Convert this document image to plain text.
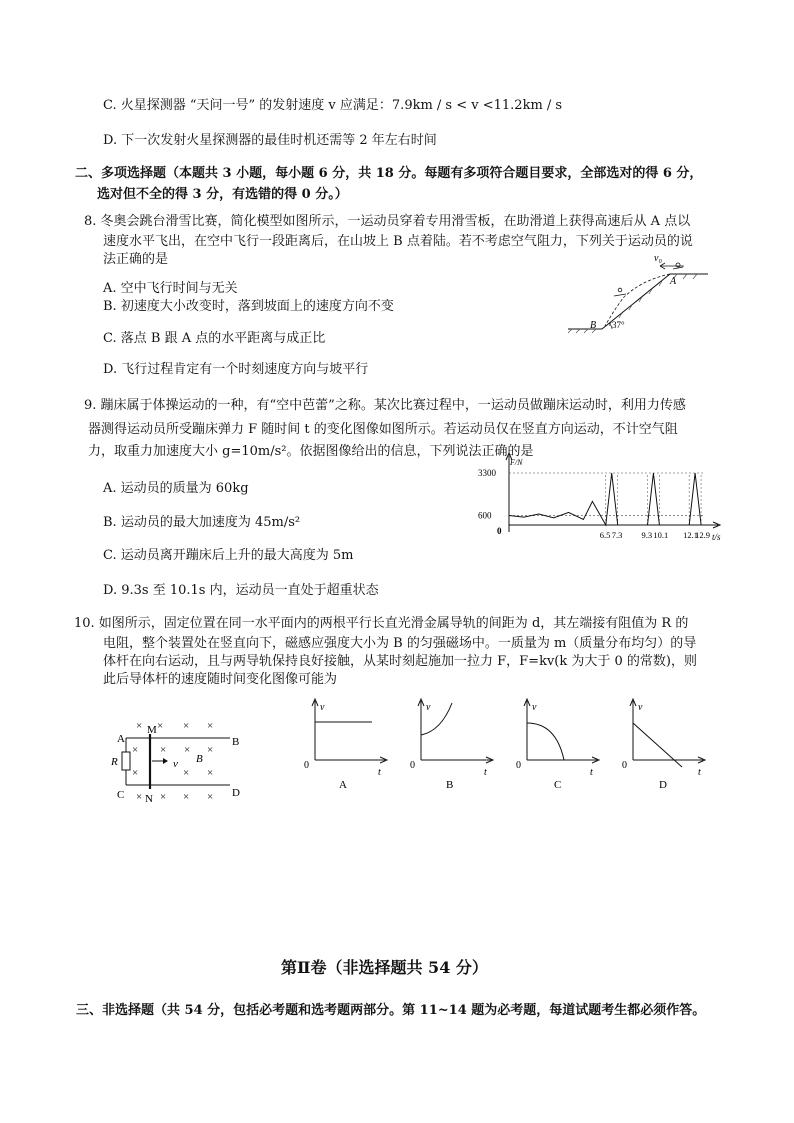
C. 火星探测器 “天问一号” 的发射速度 v 应满足：7.9km / s < v <11.2km / s
D. 下一次发射火星探测器的最佳时机还需等 2 年左右时间
二、多项选择题（本题共 3 小题，每小题 6 分，共 18 分。每题有多项符合题目要求，全部选对的得 6 分，
选对但不全的得 3 分，有选错的得 0 分。）
8. 冬奥会跳台滑雪比赛，简化模型如图所示，一运动员穿着专用滑雪板，在助滑道上获得高速后从 A 点以
速度水平飞出，在空中飞行一段距离后，在山坡上 B 点着陆。若不考虑空气阻力，下列关于运动员的说
法正确的是
A. 空中飞行时间与无关
B. 初速度大小改变时，落到坡面上的速度方向不变
C. 落点 B 跟 A 点的水平距离与成正比
D. 飞行过程肯定有一个时刻速度方向与坡平行
v₀
A
B 37°
9. 蹦床属于体操运动的一种，有“空中芭蕾”之称。某次比赛过程中，一运动员做蹦床运动时，利用力传感
器测得运动员所受蹦床弹力 F 随时间 t 的变化图像如图所示。若运动员仅在竖直方向运动，不计空气阻
力，取重力加速度大小 g=10m/s²。依据图像给出的信息，下列说法正确的是
A. 运动员的质量为 60kg
B. 运动员的最大加速度为 45m/s²
C. 运动员离开蹦床后上升的最大高度为 5m
D. 9.3s 至 10.1s 内，运动员一直处于超重状态
F/N
t/s
0
3300
600
6.5 7.3 9.3 10.1 12.1
12.9
10. 如图所示，固定位置在同一水平面内的两根平行长直光滑金属导轨的间距为 d，其左端接有阻值为 R 的
电阻，整个装置处在竖直向下，磁感应强度大小为 B 的匀强磁场中。一质量为 m（质量分布均匀）的导
体杆在向右运动，且与两导轨保持良好接触，从某时刻起施加一拉力 F，F=kv(k 为大于 0 的常数)，则
此后导体杆的速度随时间变化图像可能为
× × × ×
× × × ×
×	× ×
× × × ×
A	B
C	D
M
N
R	v B
v
t
0
A
v
t
0
B
v
t
0
C
v
t
0
D
第Ⅱ卷（非选择题共 54 分）
三、非选择题（共 54 分，包括必考题和选考题两部分。第 11~14 题为必考题，每道试题考生都必须作答。
